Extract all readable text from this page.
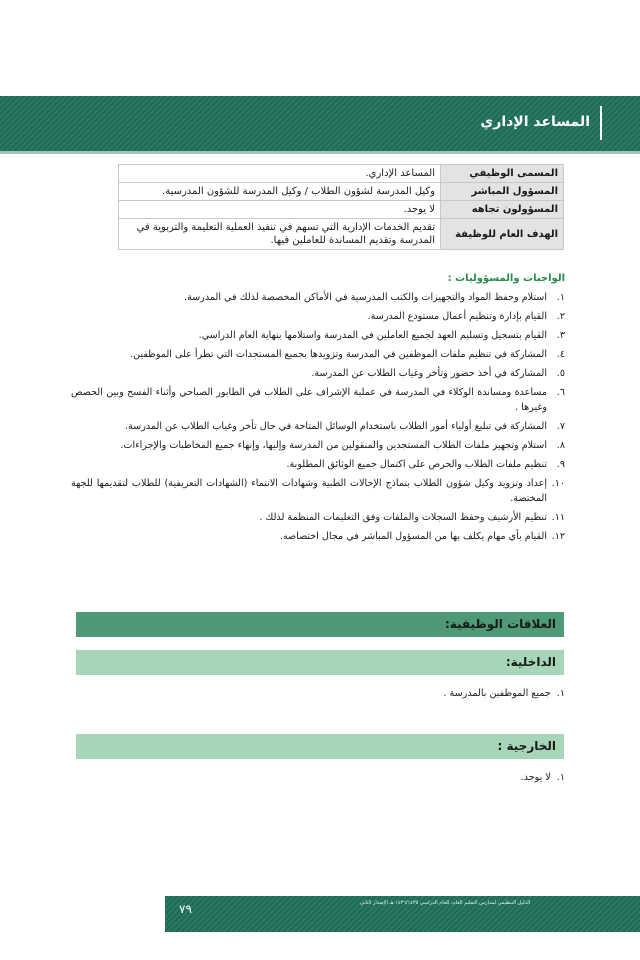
المساعد الإداري
المسمى الوظيفي	المساعد الإداري.
المسؤول المباشر	وكيل المدرسة لشؤون الطلاب / وكيل المدرسة للشؤون المدرسية.
المسؤولون تجاهه	لا يوجد.
الهدف العام للوظيفة	تقديم الخدمات الإدارية التي تسهم في تنفيذ العملية التعليمة والتربوية في المدرسة وتقديم المساندة للعاملين فيها.
الواجبات والمسؤوليات :
١.
استلام وحفظ المواد والتجهيزات والكتب المدرسية في الأماكن المخصصة لذلك في المدرسة.
٢.
القيام بإدارة وتنظيم أعمال مستودع المدرسة.
٣.
القيام بتسجيل وتسليم العهد لجميع العاملين في المدرسة واستلامها بنهاية العام الدراسي.
٤.
المشاركة في تنظيم ملفات الموظفين في المدرسة وتزويدها بجميع المستجدات التي تطرأ على الموظفين.
٥.
المشاركة في أخذ حضور وتأخر وغياب الطلاب عن المدرسة.
٦.
مساعدة ومساندة الوكلاء في المدرسة في عملية الإشراف على الطلاب في الطابور الصباحي وأثناء الفسح وبين الحصص وغيرها .
٧.
المشاركة في تبليغ أولياء أمور الطلاب باستخدام الوسائل المتاحة في حال تأخر وغياب الطلاب عن المدرسة.
٨.
استلام وتجهيز ملفات الطلاب المستجدين والمنقولين من المدرسة وإليها، وإنهاء جميع المخاطبات والإجراءات.
٩.
تنظيم ملفات الطلاب والحرص على اكتمال جميع الوثائق المطلوبة.
١٠.
إعداد وتزويد وكيل شؤون الطلاب بنماذج الإحالات الطبية وشهادات الانتماء (الشهادات التعريفية) للطلاب لتقديمها للجهة المختصة.
١١.
تنظيم الأرشيف وحفظ السجلات والملفات وفق التعليمات المنظمة لذلك .
١٢.
القيام بأي مهام يكلف بها من المسؤول المباشر في مجال اختصاصه.
العلاقات الوظيفية:
الداخلية:
١.جميع الموظفين بالمدرسة .
الخارجية :
١.لا يوجد.
٧٩	الدليل التنظيمي لمدارس التعليم العام، للعام الدراسي ١٤٣٦/١٤٣٥ هـ الإصدار الثاني
